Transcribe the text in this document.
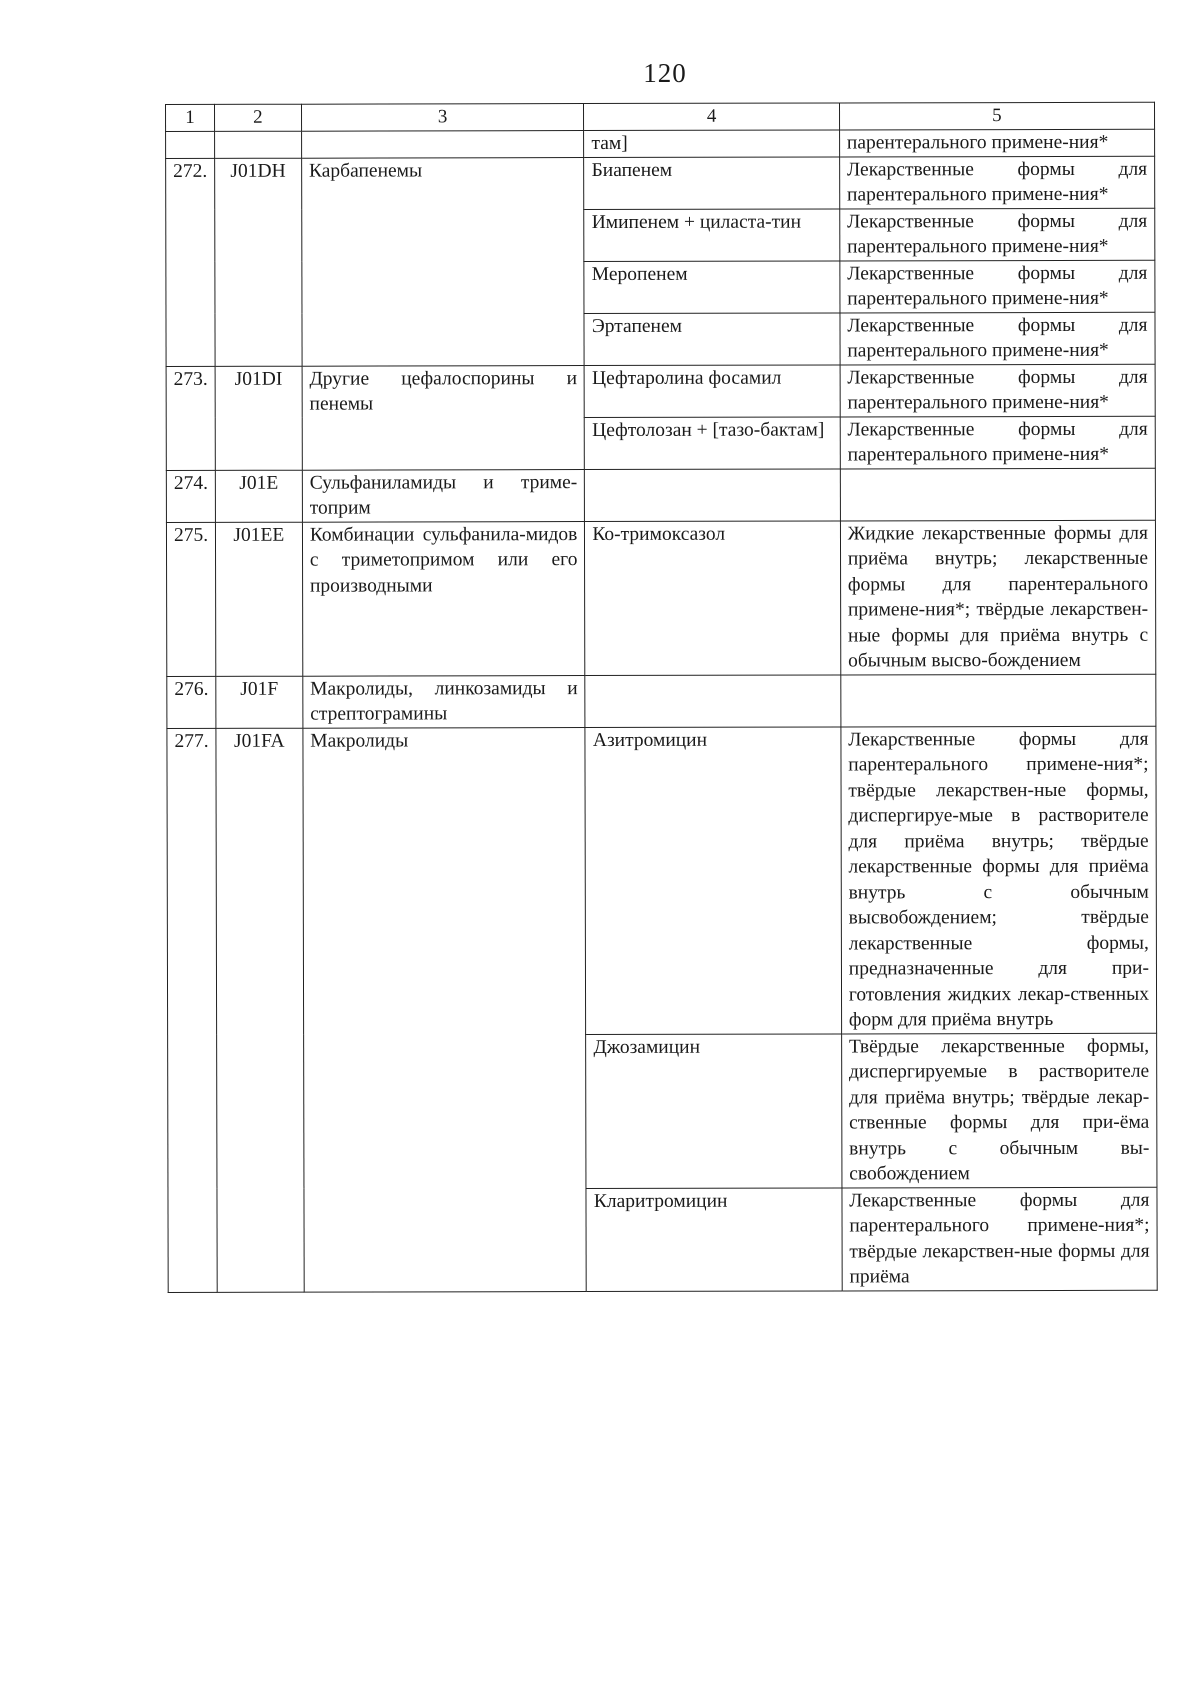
120
1	2	3	4	5
			там]	парентерального примене-ния*
272.	J01DH	Карбапенемы	Биапенем	Лекарственные формы для парентерального примене-ния*
			Имипенем + циласта-тин	Лекарственные формы для парентерального примене-ния*
			Меропенем	Лекарственные формы для парентерального примене-ния*
			Эртапенем	Лекарственные формы для парентерального примене-ния*
273.	J01DI	Другие цефалоспорины и пенемы	Цефтаролина фосамил	Лекарственные формы для парентерального примене-ния*
			Цефтолозан + [тазо-бактам]	Лекарственные формы для парентерального примене-ния*
274.	J01E	Сульфаниламиды и тримe-топрим		
275.	J01EE	Комбинации сульфанила-мидов с триметопримом или его производными	Ко-тримоксазол	Жидкие лекарственные формы для приёма внутрь; лекарственные формы для парентерального примене-ния*; твёрдые лекарствен-ные формы для приёма внутрь с обычным высво-бождением
276.	J01F	Макролиды, линкозамиды и стрептограмины		
277.	J01FA	Макролиды	Азитромицин	Лекарственные формы для парентерального примене-ния*; твёрдые лекарствен-ные формы, диспергируе-мые в растворителе для приёма внутрь; твёрдые лекарственные формы для приёма внутрь с обычным высвобождением; твёрдые лекарственные формы, предназначенные для при-готовления жидких лекар-ственных форм для приёма внутрь
			Джозамицин	Твёрдые лекарственные формы, диспергируемые в растворителе для приёма внутрь; твёрдые лекар-ственные формы для при-ёма внутрь с обычным вы-свобождением
			Кларитромицин	Лекарственные формы для парентерального примене-ния*; твёрдые лекарствен-ные формы для приёма
